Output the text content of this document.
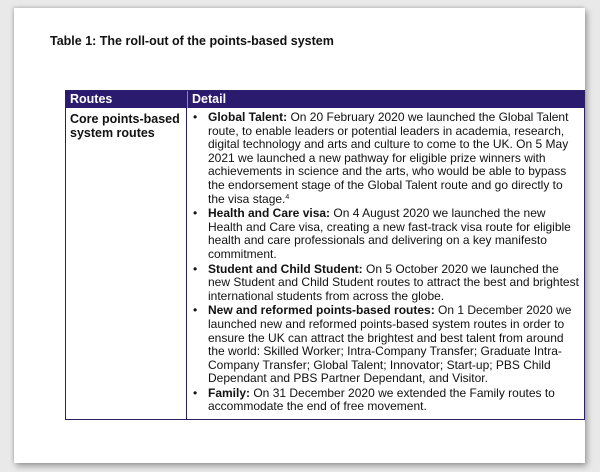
Table 1: The roll-out of the points-based system
Routes	Detail
Core points-based system routes
• Global Talent: On 20 February 2020 we launched the Global Talent route, to enable leaders or potential leaders in academia, research, digital technology and arts and culture to come to the UK. On 5 May 2021 we launched a new pathway for eligible prize winners with achievements in science and the arts, who would be able to bypass the endorsement stage of the Global Talent route and go directly to the visa stage.$^4$
• Health and Care visa: On 4 August 2020 we launched the new Health and Care visa, creating a new fast-track visa route for eligible health and care professionals and delivering on a key manifesto commitment.
• Student and Child Student: On 5 October 2020 we launched the new Student and Child Student routes to attract the best and brightest international students from across the globe.
• New and reformed points-based routes: On 1 December 2020 we launched new and reformed points-based system routes in order to ensure the UK can attract the brightest and best talent from around the world: Skilled Worker; Intra-Company Transfer; Graduate Intra-Company Transfer; Global Talent; Innovator; Start-up; PBS Child Dependant and PBS Partner Dependant, and Visitor.
• Family: On 31 December 2020 we extended the Family routes to accommodate the end of free movement.
